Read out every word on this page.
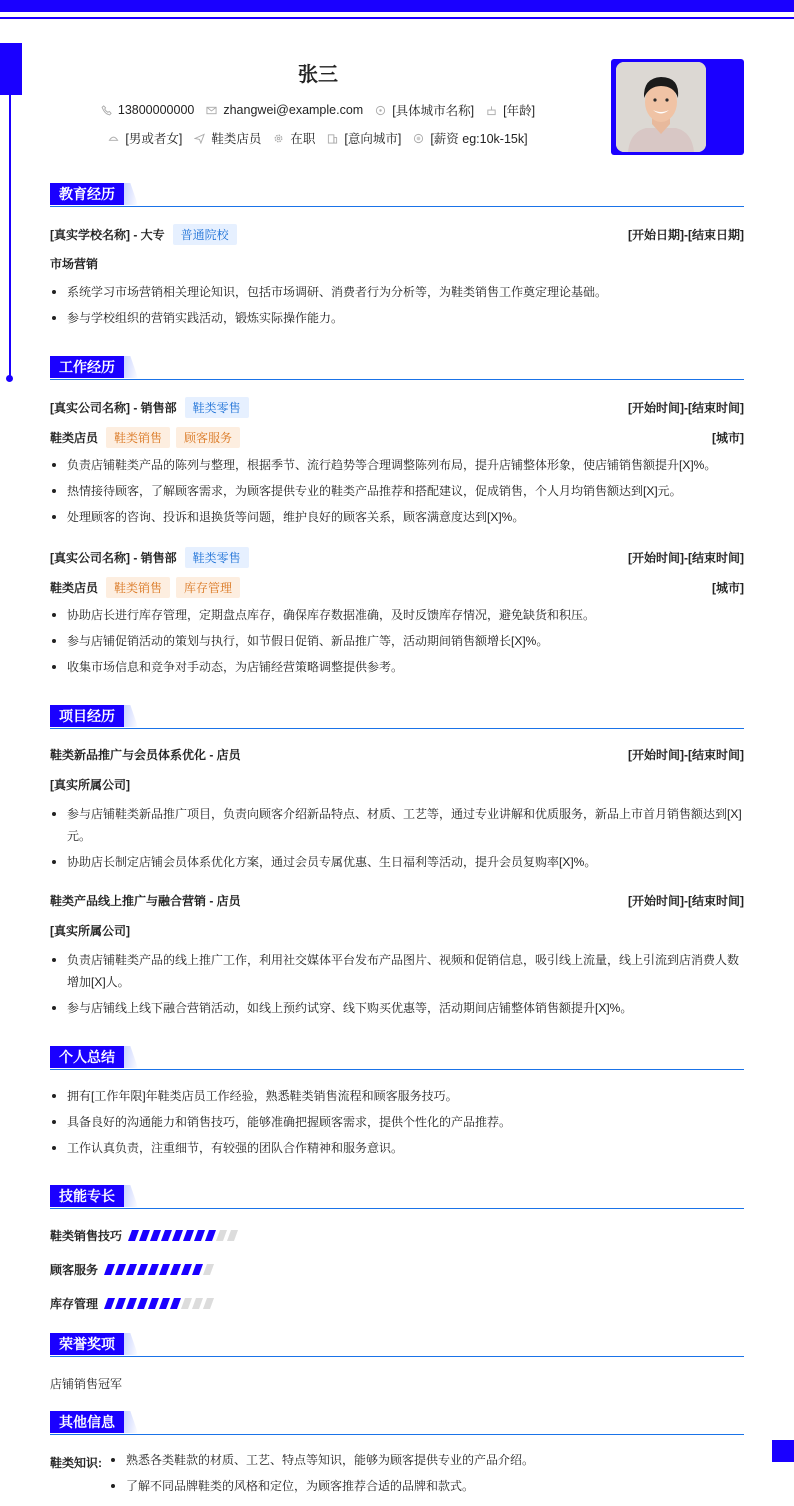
张三
13800000000 zhangwei@example.com [具体城市名称] [年龄]
[男或者女] 鞋类店员 在职 [意向城市] [薪资 eg:10k-15k]
教育经历
[真实学校名称] - 大专	普通院校	[开始日期]-[结束日期]
市场营销
系统学习市场营销相关理论知识，包括市场调研、消费者行为分析等，为鞋类销售工作奠定理论基础。
参与学校组织的营销实践活动，锻炼实际操作能力。
工作经历
[真实公司名称] - 销售部	鞋类零售	[开始时间]-[结束时间]
鞋类店员	鞋类销售	顾客服务	[城市]
负责店铺鞋类产品的陈列与整理，根据季节、流行趋势等合理调整陈列布局，提升店铺整体形象，使店铺销售额提升[X]%。
热情接待顾客，了解顾客需求，为顾客提供专业的鞋类产品推荐和搭配建议，促成销售，个人月均销售额达到[X]元。
处理顾客的咨询、投诉和退换货等问题，维护良好的顾客关系，顾客满意度达到[X]%。
[真实公司名称] - 销售部	鞋类零售	[开始时间]-[结束时间]
鞋类店员	鞋类销售	库存管理	[城市]
协助店长进行库存管理，定期盘点库存，确保库存数据准确，及时反馈库存情况，避免缺货和积压。
参与店铺促销活动的策划与执行，如节假日促销、新品推广等，活动期间销售额增长[X]%。
收集市场信息和竞争对手动态，为店铺经营策略调整提供参考。
项目经历
鞋类新品推广与会员体系优化 - 店员	[开始时间]-[结束时间]
[真实所属公司]
参与店铺鞋类新品推广项目，负责向顾客介绍新品特点、材质、工艺等，通过专业讲解和优质服务，新品上市首月销售额达到[X]元。
协助店长制定店铺会员体系优化方案，通过会员专属优惠、生日福利等活动，提升会员复购率[X]%。
鞋类产品线上推广与融合营销 - 店员	[开始时间]-[结束时间]
[真实所属公司]
负责店铺鞋类产品的线上推广工作，利用社交媒体平台发布产品图片、视频和促销信息，吸引线上流量，线上引流到店消费人数增加[X]人。
参与店铺线上线下融合营销活动，如线上预约试穿、线下购买优惠等，活动期间店铺整体销售额提升[X]%。
个人总结
拥有[工作年限]年鞋类店员工作经验，熟悉鞋类销售流程和顾客服务技巧。
具备良好的沟通能力和销售技巧，能够准确把握顾客需求，提供个性化的产品推荐。
工作认真负责，注重细节，有较强的团队合作精神和服务意识。
技能专长
鞋类销售技巧
顾客服务
库存管理
荣誉奖项
店铺销售冠军
其他信息
鞋类知识:	熟悉各类鞋款的材质、工艺、特点等知识，能够为顾客提供专业的产品介绍。
了解不同品牌鞋类的风格和定位，为顾客推荐合适的品牌和款式。
